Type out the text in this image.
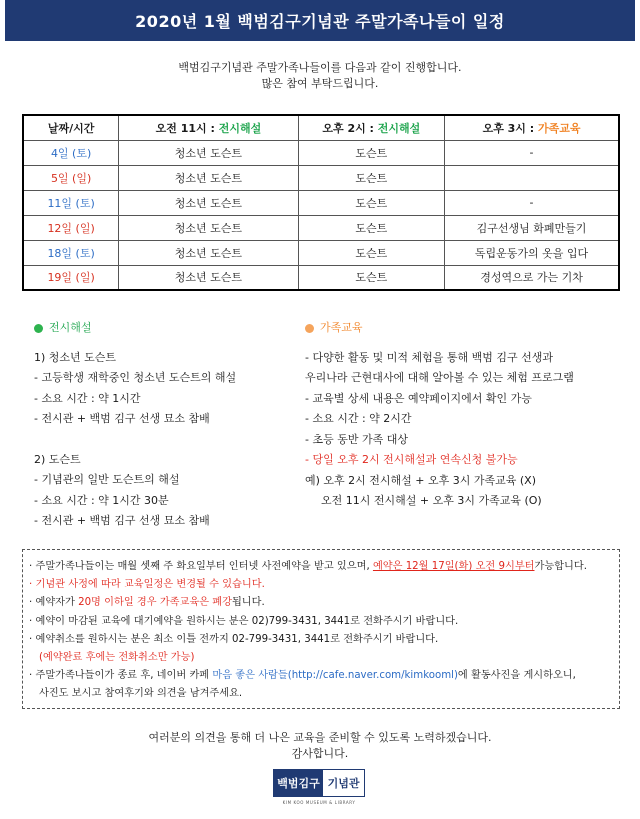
2020년 1월 백범김구기념관 주말가족나들이 일정
백범김구기념관 주말가족나들이를 다음과 같이 진행합니다.
많은 참여 부탁드립니다.
날짜/시간	오전 11시 : 전시해설	오후 2시 : 전시해설	오후 3시 : 가족교육
4일 (토)	청소년 도슨트	도슨트	-
5일 (일)	청소년 도슨트	도슨트	
11일 (토)	청소년 도슨트	도슨트	-
12일 (일)	청소년 도슨트	도슨트	김구선생님 화폐만들기
18일 (토)	청소년 도슨트	도슨트	독립운동가의 옷을 입다
19일 (일)	청소년 도슨트	도슨트	경성역으로 가는 기차
전시해설
1) 청소년 도슨트
- 고등학생 재학중인 청소년 도슨트의 해설
- 소요 시간 : 약 1시간
- 전시관 + 백범 김구 선생 묘소 참배
2) 도슨트
- 기념관의 일반 도슨트의 해설
- 소요 시간 : 약 1시간 30분
- 전시관 + 백범 김구 선생 묘소 참배
가족교육
- 다양한 활동 및 미적 체험을 통해 백범 김구 선생과
우리나라 근현대사에 대해 알아볼 수 있는 체험 프로그램
- 교육별 상세 내용은 예약페이지에서 확인 가능
- 소요 시간 : 약 2시간
- 초등 동반 가족 대상
- 당일 오후 2시 전시해설과 연속신청 불가능
예) 오후 2시 전시해설 + 오후 3시 가족교육 (X)
오전 11시 전시해설 + 오후 3시 가족교육 (O)
· 주말가족나들이는 매월 셋째 주 화요일부터 인터넷 사전예약을 받고 있으며, 예약은 12월 17일(화) 오전 9시부터가능합니다.
· 기념관 사정에 따라 교육일정은 변경될 수 있습니다.
· 예약자가 20명 이하일 경우 가족교육은 폐강됩니다.
· 예약이 마감된 교육에 대기예약을 원하시는 분은 02)799-3431, 3441로 전화주시기 바랍니다.
· 예약취소를 원하시는 분은 최소 이틀 전까지 02-799-3431, 3441로 전화주시기 바랍니다.
(예약완료 후에는 전화취소만 가능)
· 주말가족나들이가 종료 후, 네이버 카페 마음 좋은 사람들(http://cafe.naver.com/kimkooml)에 활동사진을 게시하오니,
사진도 보시고 참여후기와 의견을 남겨주세요.
여러분의 의견을 통해 더 나은 교육을 준비할 수 있도록 노력하겠습니다.
감사합니다.
백범김구 기념관
KIM KOO MUSEUM & LIBRARY
